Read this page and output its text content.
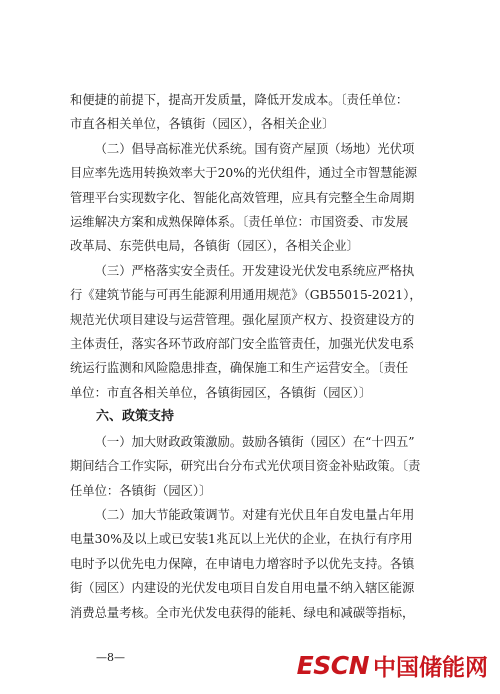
和便捷的前提下，提高开发质量，降低开发成本。〔责任单位：

市直各相关单位，各镇街（园区），各相关企业〕

（二）倡导高标准光伏系统。国有资产屋顶（场地）光伏项

目应率先选用转换效率大于20%的光伏组件，通过全市智慧能源

管理平台实现数字化、智能化高效管理，应具有完整全生命周期

运维解决方案和成熟保障体系。〔责任单位：市国资委、市发展

改革局、东莞供电局，各镇街（园区），各相关企业〕

（三）严格落实安全责任。开发建设光伏发电系统应严格执

行《建筑节能与可再生能源利用通用规范》（GB55015-2021），

规范光伏项目建设与运营管理。强化屋顶产权方、投资建设方的

主体责任，落实各环节政府部门安全监管责任，加强光伏发电系

统运行监测和风险隐患排查，确保施工和生产运营安全。〔责任

单位：市直各相关单位，各镇街园区，各镇街（园区）〕

六、政策支持

（一）加大财政政策激励。鼓励各镇街（园区）在“十四五”

期间结合工作实际，研究出台分布式光伏项目资金补贴政策。〔责

任单位：各镇街（园区）〕

（二）加大节能政策调节。对建有光伏且年自发电量占年用

电量30%及以上或已安装1兆瓦以上光伏的企业，在执行有序用

电时予以优先电力保障，在申请电力增容时予以优先支持。各镇

街（园区）内建设的光伏发电项目自发自用电量不纳入辖区能源

消费总量考核。全市光伏发电获得的能耗、绿电和减碳等指标，

—8—	ESCN 中国储能网
